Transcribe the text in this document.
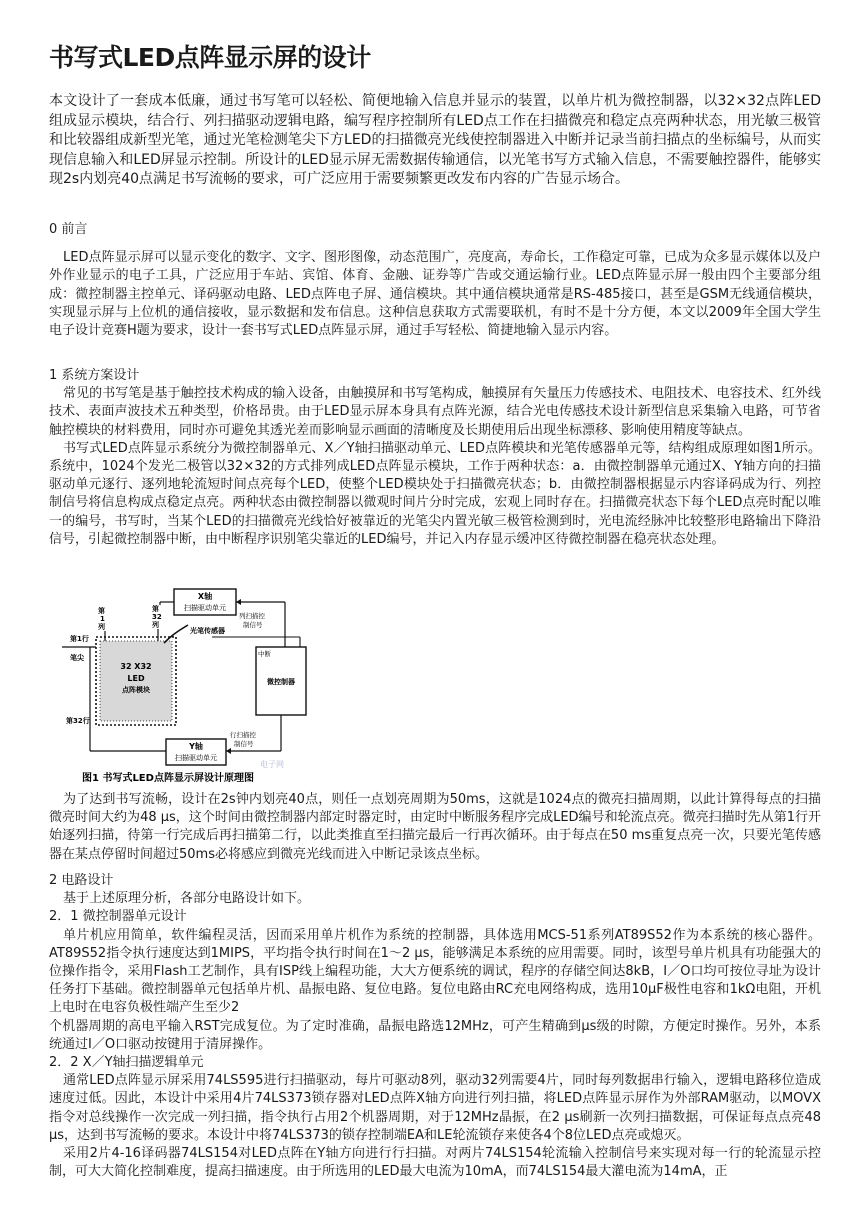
书写式LED点阵显示屏的设计

本文设计了一套成本低廉，通过书写笔可以轻松、简便地输入信息并显示的装置，以单片机为微控制器，以32×32点阵LED组成显示模块，结合行、列扫描驱动逻辑电路，编写程序控制所有LED点工作在扫描微亮和稳定点亮两种状态，用光敏三极管和比较器组成新型光笔，通过光笔检测笔尖下方LED的扫描微亮光线使控制器进入中断并记录当前扫描点的坐标编号，从而实现信息输入和LED屏显示控制。所设计的LED显示屏无需数据传输通信，以光笔书写方式输入信息，不需要触控器件，能够实现2s内划亮40点满足书写流畅的要求，可广泛应用于需要频繁更改发布内容的广告显示场合。

0 前言

LED点阵显示屏可以显示变化的数字、文字、图形图像，动态范围广，亮度高，寿命长，工作稳定可靠，已成为众多显示媒体以及户外作业显示的电子工具，广泛应用于车站、宾馆、体育、金融、证券等广告或交通运输行业。LED点阵显示屏一般由四个主要部分组成：微控制器主控单元、译码驱动电路、LED点阵电子屏、通信模块。其中通信模块通常是RS-485接口，甚至是GSM无线通信模块，实现显示屏与上位机的通信接收，显示数据和发布信息。这种信息获取方式需要联机，有时不是十分方便，本文以2009年全国大学生电子设计竞赛H题为要求，设计一套书写式LED点阵显示屏，通过手写轻松、简捷地输入显示内容。

1 系统方案设计

常见的书写笔是基于触控技术构成的输入设备，由触摸屏和书写笔构成，触摸屏有矢量压力传感技术、电阻技术、电容技术、红外线技术、表面声波技术五种类型，价格昂贵。由于LED显示屏本身具有点阵光源，结合光电传感技术设计新型信息采集输入电路，可节省触控模块的材料费用，同时亦可避免其透光差而影响显示画面的清晰度及长期使用后出现坐标漂移、影响使用精度等缺点。

书写式LED点阵显示系统分为微控制器单元、X／Y轴扫描驱动单元、LED点阵模块和光笔传感器单元等，结构组成原理如图1所示。系统中，1024个发光二极管以32×32的方式排列成LED点阵显示模块，工作于两种状态：a．由微控制器单元通过X、Y轴方向的扫描驱动单元逐行、逐列地轮流短时间点亮每个LED，使整个LED模块处于扫描微亮状态；b．由微控制器根据显示内容译码成为行、列控制信号将信息构成点稳定点亮。两种状态由微控制器以微观时间片分时完成，宏观上同时存在。扫描微亮状态下每个LED点亮时配以唯一的编号，书写时，当某个LED的扫描微亮光线恰好被靠近的光笔尖内置光敏三极管检测到时，光电流经脉冲比较整形电路输出下降沿信号，引起微控制器中断，由中断程序识别笔尖靠近的LED编号，并记入内存显示缓冲区待微控制器在稳亮状态处理。

X轴
扫描驱动单元
列扫描控
制信号
第
1
列
第
32
列
第1行
32 X32
LED
点阵模块
笔尖
光笔传感器
中断
微控制器
第32行
Y轴
扫描驱动单元
行扫描控
制信号
图1 书写式LED点阵显示屏设计原理图
电子网

为了达到书写流畅，设计在2s钟内划亮40点，则任一点划亮周期为50ms，这就是1024点的微亮扫描周期，以此计算得每点的扫描微亮时间大约为48 μs，这个时间由微控制器内部定时器定时，由定时中断服务程序完成LED编号和轮流点亮。微亮扫描时先从第1行开始逐列扫描，待第一行完成后再扫描第二行，以此类推直至扫描完最后一行再次循环。由于每点在50 ms重复点亮一次，只要光笔传感器在某点停留时间超过50ms必将感应到微亮光线而进入中断记录该点坐标。

2 电路设计

基于上述原理分析，各部分电路设计如下。

2．1 微控制器单元设计

单片机应用简单，软件编程灵活，因而采用单片机作为系统的控制器，具体选用MCS-51系列AT89S52作为本系统的核心器件。AT89S52指令执行速度达到1MIPS，平均指令执行时间在1～2 μs，能够满足本系统的应用需要。同时，该型号单片机具有功能强大的位操作指令，采用Flash工艺制作，具有ISP线上编程功能，大大方便系统的调试，程序的存储空间达8kB，I／O口均可按位寻址为设计任务打下基础。微控制器单元包括单片机、晶振电路、复位电路。复位电路由RC充电网络构成，选用10μF极性电容和1kΩ电阻，开机上电时在电容负极性端产生至少2

个机器周期的高电平输入RST完成复位。为了定时准确，晶振电路选12MHz，可产生精确到μs级的时隙，方便定时操作。另外，本系统通过I／O口驱动按键用于清屏操作。

2．2 X／Y轴扫描逻辑单元

通常LED点阵显示屏采用74LS595进行扫描驱动，每片可驱动8列，驱动32列需要4片，同时每列数据串行输入，逻辑电路移位造成速度过低。因此，本设计中采用4片74LS373锁存器对LED点阵X轴方向进行列扫描，将LED点阵显示屏作为外部RAM驱动，以MOVX指令对总线操作一次完成一列扫描，指令执行占用2个机器周期，对于12MHz晶振，在2 μs刷新一次列扫描数据，可保证每点点亮48 μs，达到书写流畅的要求。本设计中将74LS373的锁存控制端EA和LE轮流锁存来使各4个8位LED点亮或熄灭。

采用2片4-16译码器74LS154对LED点阵在Y轴方向进行行扫描。对两片74LS154轮流输入控制信号来实现对每一行的轮流显示控制，可大大简化控制难度，提高扫描速度。由于所选用的LED最大电流为10mA，而74LS154最大灌电流为14mA，正
